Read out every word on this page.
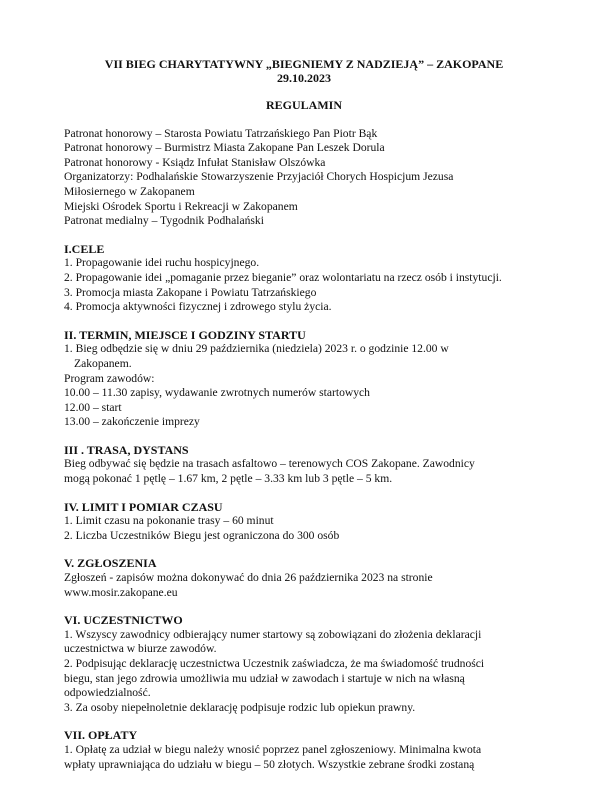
VII BIEG CHARYTATYWNY „BIEGNIEMY Z NADZIEJĄ” – ZAKOPANE
29.10.2023
REGULAMIN
Patronat honorowy – Starosta Powiatu Tatrzańskiego Pan Piotr Bąk
Patronat honorowy – Burmistrz Miasta Zakopane Pan Leszek Dorula
Patronat honorowy - Ksiądz Infułat Stanisław Olszówka
Organizatorzy: Podhalańskie Stowarzyszenie Przyjaciół Chorych Hospicjum Jezusa
Miłosiernego w Zakopanem
Miejski Ośrodek Sportu i Rekreacji w Zakopanem
Patronat medialny – Tygodnik Podhalański
I.CELE
1. Propagowanie idei ruchu hospicyjnego.
2. Propagowanie idei „pomaganie przez bieganie” oraz wolontariatu na rzecz osób i instytucji.
3. Promocja miasta Zakopane i Powiatu Tatrzańskiego
4. Promocja aktywności fizycznej i zdrowego stylu życia.
II. TERMIN, MIEJSCE I GODZINY STARTU
1. Bieg odbędzie się w dniu 29 października (niedziela) 2023 r. o godzinie 12.00 w
Zakopanem.
Program zawodów:
10.00 – 11.30 zapisy, wydawanie zwrotnych numerów startowych
12.00 – start
13.00 – zakończenie imprezy
III . TRASA, DYSTANS
Bieg odbywać się będzie na trasach asfaltowo – terenowych COS Zakopane. Zawodnicy
mogą pokonać 1 pętlę – 1.67 km, 2 pętle – 3.33 km lub 3 pętle – 5 km.
IV. LIMIT I POMIAR CZASU
1. Limit czasu na pokonanie trasy – 60 minut
2. Liczba Uczestników Biegu jest ograniczona do 300 osób
V. ZGŁOSZENIA
Zgłoszeń - zapisów można dokonywać do dnia 26 października 2023 na stronie
www.mosir.zakopane.eu
VI. UCZESTNICTWO
1. Wszyscy zawodnicy odbierający numer startowy są zobowiązani do złożenia deklaracji
uczestnictwa w biurze zawodów.
2. Podpisując deklarację uczestnictwa Uczestnik zaświadcza, że ma świadomość trudności
biegu, stan jego zdrowia umożliwia mu udział w zawodach i startuje w nich na własną
odpowiedzialność.
3. Za osoby niepełnoletnie deklarację podpisuje rodzic lub opiekun prawny.
VII. OPŁATY
1. Opłatę za udział w biegu należy wnosić poprzez panel zgłoszeniowy. Minimalna kwota
wpłaty uprawniająca do udziału w biegu – 50 złotych. Wszystkie zebrane środki zostaną
